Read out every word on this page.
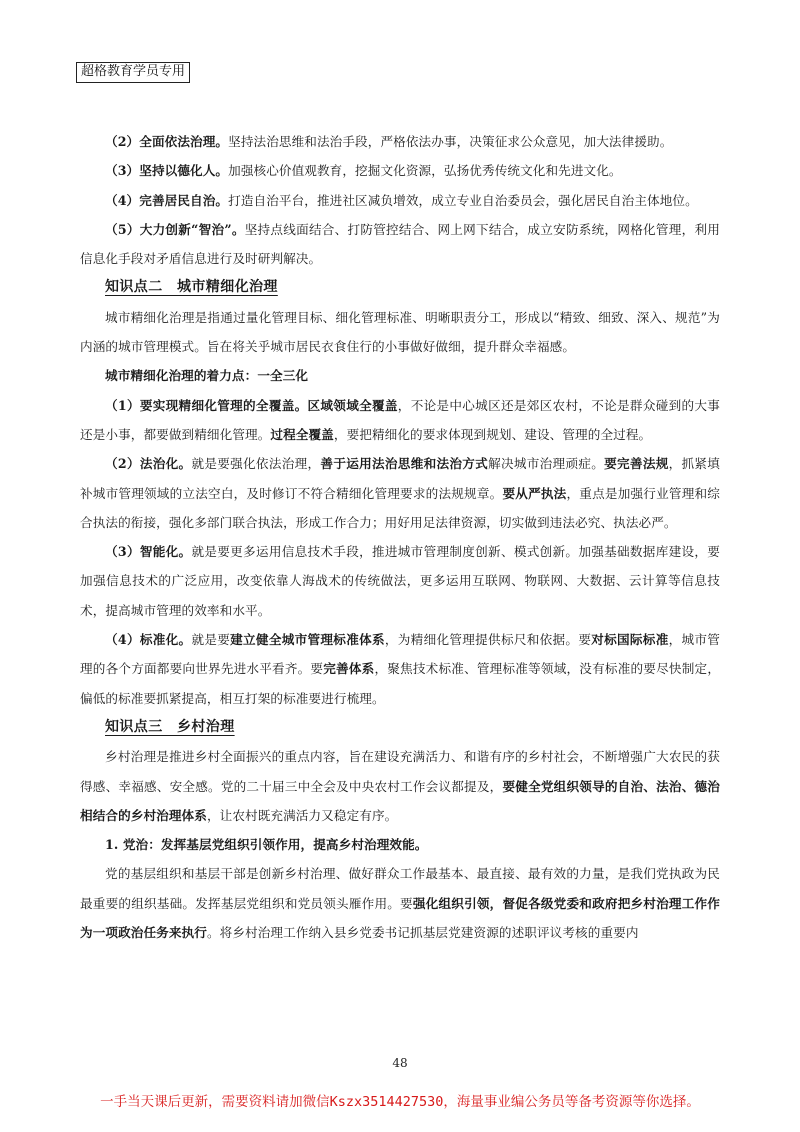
超格教育学员专用

（2）全面依法治理。坚持法治思维和法治手段，严格依法办事，决策征求公众意见，加大法律援助。

（3）坚持以德化人。加强核心价值观教育，挖掘文化资源，弘扬优秀传统文化和先进文化。

（4）完善居民自治。打造自治平台，推进社区减负增效，成立专业自治委员会，强化居民自治主体地位。

（5）大力创新“智治”。坚持点线面结合、打防管控结合、网上网下结合，成立安防系统，网格化管理，利用信息化手段对矛盾信息进行及时研判解决。

知识点二　城市精细化治理

城市精细化治理是指通过量化管理目标、细化管理标准、明晰职责分工，形成以“精致、细致、深入、规范”为内涵的城市管理模式。旨在将关乎城市居民衣食住行的小事做好做细，提升群众幸福感。

城市精细化治理的着力点：一全三化

（1）要实现精细化管理的全覆盖。区域领域全覆盖，不论是中心城区还是郊区农村，不论是群众碰到的大事还是小事，都要做到精细化管理。过程全覆盖，要把精细化的要求体现到规划、建设、管理的全过程。

（2）法治化。就是要强化依法治理，善于运用法治思维和法治方式解决城市治理顽症。要完善法规，抓紧填补城市管理领域的立法空白，及时修订不符合精细化管理要求的法规规章。要从严执法，重点是加强行业管理和综合执法的衔接，强化多部门联合执法，形成工作合力；用好用足法律资源，切实做到违法必究、执法必严。

（3）智能化。就是要更多运用信息技术手段，推进城市管理制度创新、模式创新。加强基础数据库建设，要加强信息技术的广泛应用，改变依靠人海战术的传统做法，更多运用互联网、物联网、大数据、云计算等信息技术，提高城市管理的效率和水平。

（4）标准化。就是要建立健全城市管理标准体系，为精细化管理提供标尺和依据。要对标国际标准，城市管理的各个方面都要向世界先进水平看齐。要完善体系，聚焦技术标准、管理标准等领域，没有标准的要尽快制定，偏低的标准要抓紧提高，相互打架的标准要进行梳理。

知识点三　乡村治理

乡村治理是推进乡村全面振兴的重点内容，旨在建设充满活力、和谐有序的乡村社会，不断增强广大农民的获得感、幸福感、安全感。党的二十届三中全会及中央农村工作会议都提及，要健全党组织领导的自治、法治、德治相结合的乡村治理体系，让农村既充满活力又稳定有序。

1. 党治：发挥基层党组织引领作用，提高乡村治理效能。

党的基层组织和基层干部是创新乡村治理、做好群众工作最基本、最直接、最有效的力量，是我们党执政为民最重要的组织基础。发挥基层党组织和党员领头雁作用。要强化组织引领，督促各级党委和政府把乡村治理工作作为一项政治任务来执行。将乡村治理工作纳入县乡党委书记抓基层党建资源的述职评议考核的重要内

48
一手当天课后更新，需要资料请加微信Kszx3514427530，海量事业编公务员等备考资源等你选择。
